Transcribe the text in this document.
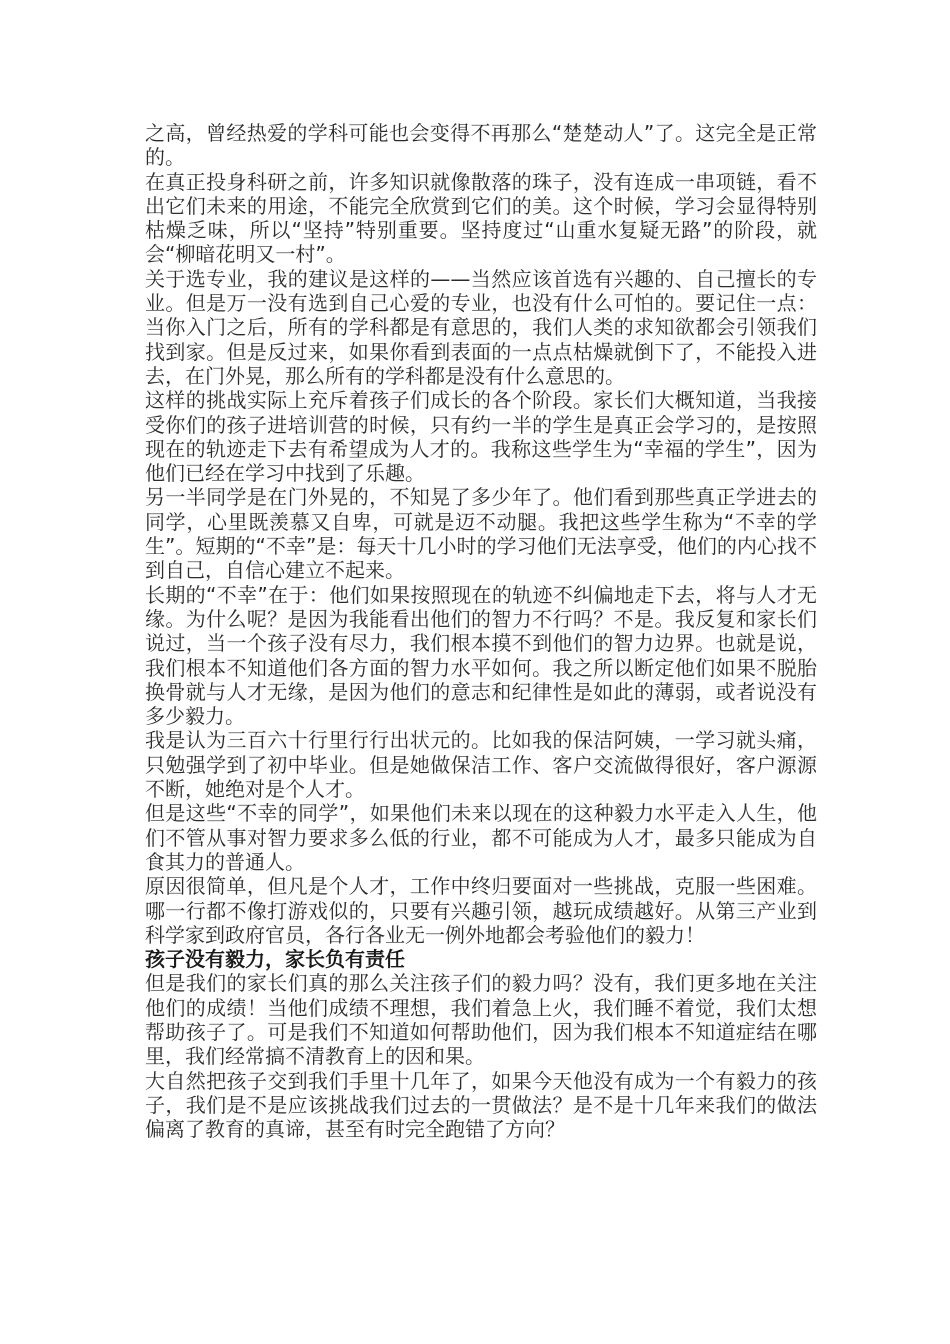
之高，曾经热爱的学科可能也会变得不再那么“楚楚动人”了。这完全是正常的。

在真正投身科研之前，许多知识就像散落的珠子，没有连成一串项链，看不出它们未来的用途，不能完全欣赏到它们的美。这个时候，学习会显得特别枯燥乏味，所以“坚持”特别重要。坚持度过“山重水复疑无路”的阶段，就会“柳暗花明又一村”。

关于选专业，我的建议是这样的——当然应该首选有兴趣的、自己擅长的专业。但是万一没有选到自己心爱的专业，也没有什么可怕的。要记住一点：当你入门之后，所有的学科都是有意思的，我们人类的求知欲都会引领我们找到家。但是反过来，如果你看到表面的一点点枯燥就倒下了，不能投入进去，在门外晃，那么所有的学科都是没有什么意思的。

这样的挑战实际上充斥着孩子们成长的各个阶段。家长们大概知道，当我接受你们的孩子进培训营的时候，只有约一半的学生是真正会学习的，是按照现在的轨迹走下去有希望成为人才的。我称这些学生为“幸福的学生”，因为他们已经在学习中找到了乐趣。

另一半同学是在门外晃的，不知晃了多少年了。他们看到那些真正学进去的同学，心里既羡慕又自卑，可就是迈不动腿。我把这些学生称为“不幸的学生”。短期的“不幸”是：每天十几小时的学习他们无法享受，他们的内心找不到自己，自信心建立不起来。

长期的“不幸”在于：他们如果按照现在的轨迹不纠偏地走下去，将与人才无缘。为什么呢？是因为我能看出他们的智力不行吗？不是。我反复和家长们说过，当一个孩子没有尽力，我们根本摸不到他们的智力边界。也就是说，我们根本不知道他们各方面的智力水平如何。我之所以断定他们如果不脱胎换骨就与人才无缘，是因为他们的意志和纪律性是如此的薄弱，或者说没有多少毅力。

我是认为三百六十行里行行出状元的。比如我的保洁阿姨，一学习就头痛，只勉强学到了初中毕业。但是她做保洁工作、客户交流做得很好，客户源源不断，她绝对是个人才。

但是这些“不幸的同学”，如果他们未来以现在的这种毅力水平走入人生，他们不管从事对智力要求多么低的行业，都不可能成为人才，最多只能成为自食其力的普通人。

原因很简单，但凡是个人才，工作中终归要面对一些挑战，克服一些困难。哪一行都不像打游戏似的，只要有兴趣引领，越玩成绩越好。从第三产业到科学家到政府官员，各行各业无一例外地都会考验他们的毅力！

孩子没有毅力，家长负有责任

但是我们的家长们真的那么关注孩子们的毅力吗？没有，我们更多地在关注他们的成绩！当他们成绩不理想，我们着急上火，我们睡不着觉，我们太想帮助孩子了。可是我们不知道如何帮助他们，因为我们根本不知道症结在哪里，我们经常搞不清教育上的因和果。

大自然把孩子交到我们手里十几年了，如果今天他没有成为一个有毅力的孩子，我们是不是应该挑战我们过去的一贯做法？是不是十几年来我们的做法偏离了教育的真谛，甚至有时完全跑错了方向？
